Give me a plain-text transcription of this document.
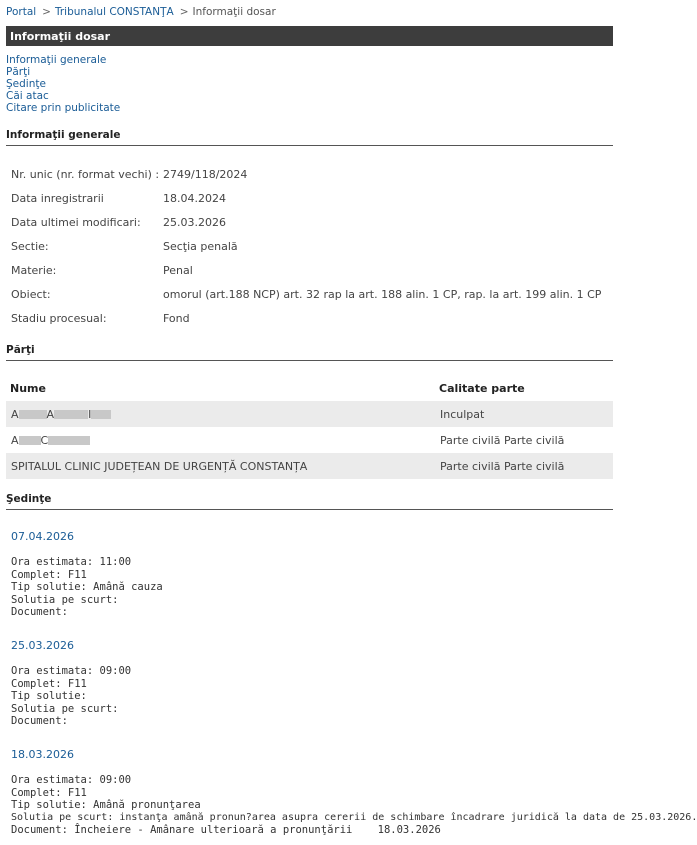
Portal > Tribunalul CONSTANŢA > Informaţii dosar
Informaţii dosar
Informaţii generale
Părţi
Şedinţe
Căi atac
Citare prin publicitate
Informaţii generale
Nr. unic (nr. format vechi) : 2749/118/2024
Data inregistrarii	18.04.2024
Data ultimei modificari:	25.03.2026
Sectie:	Secţia penală
Materie:	Penal
Obiect:	omorul (art.188 NCP) art. 32 rap la art. 188 alin. 1 CP, rap. la art. 199 alin. 1 CP
Stadiu procesual:	Fond
Părţi
Nume	Calitate parte
A A I	Inculpat
A C	Parte civilă Parte civilă
SPITALUL CLINIC JUDEȚEAN DE URGENȚĂ CONSTANȚA	Parte civilă Parte civilă
Şedinţe
07.04.2026
Ora estimata: 11:00
Complet: F11
Tip solutie: Amână cauza
Solutia pe scurt:
Document:
25.03.2026
Ora estimata: 09:00
Complet: F11
Tip solutie:
Solutia pe scurt:
Document:
18.03.2026
Ora estimata: 09:00
Complet: F11
Tip solutie: Amână pronunţarea
Solutia pe scurt: instanţa amână pronun?area asupra cererii de schimbare încadrare juridică la data de 25.03.2026.
Document: Încheiere - Amânare ulterioară a pronunţării    18.03.2026
